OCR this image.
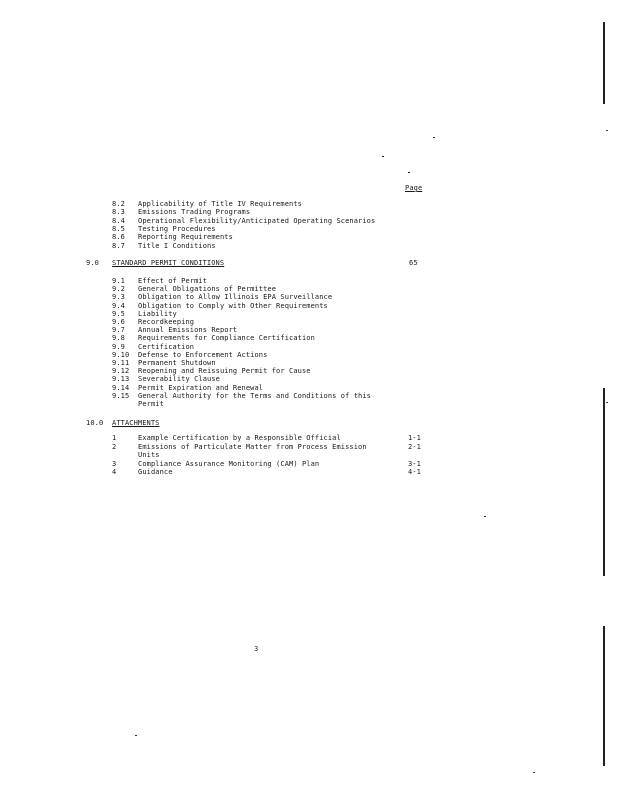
Page
8.2 Applicability of Title IV Requirements
8.3 Emissions Trading Programs
8.4 Operational Flexibility/Anticipated Operating Scenarios
8.5 Testing Procedures
8.6 Reporting Requirements
8.7 Title I Conditions
9.0 STANDARD PERMIT CONDITIONS	65
9.1 Effect of Permit
9.2 General Obligations of Permittee
9.3 Obligation to Allow Illinois EPA Surveillance
9.4 Obligation to Comply with Other Requirements
9.5 Liability
9.6 Recordkeeping
9.7 Annual Emissions Report
9.8 Requirements for Compliance Certification
9.9 Certification
9.10 Defense to Enforcement Actions
9.11 Permanent Shutdown
9.12 Reopening and Reissuing Permit for Cause
9.13 Severability Clause
9.14 Permit Expiration and Renewal
9.15 General Authority for the Terms and Conditions of this
Permit
10.0 ATTACHMENTS
1	Example Certification by a Responsible Official	1-1
2	Emissions of Particulate Matter from Process Emission	2-1
Units
3	Compliance Assurance Monitoring (CAM) Plan	3-1
4	Guidance	4-1
3
